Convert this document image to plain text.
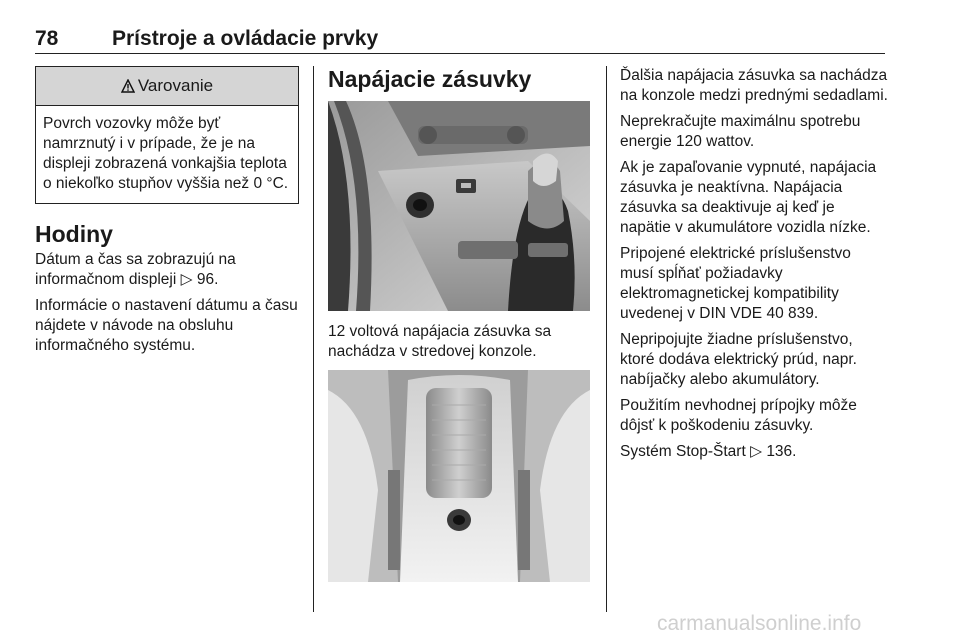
78	Prístroje a ovládacie prvky
Varovanie
Povrch vozovky môže byť namrznutý i v prípade, že je na displeji zobrazená vonkajšia teplota o niekoľko stupňov vyššia než 0 °C.
Hodiny

Dátum a čas sa zobrazujú na informačnom displeji ▷ 96.

Informácie o nastavení dátumu a času nájdete v návode na obsluhu informačného systému.

Napájacie zásuvky

12 voltová napájacia zásuvka sa nachádza v stredovej konzole.

Ďalšia napájacia zásuvka sa nachádza na konzole medzi prednými sedadlami.

Neprekračujte maximálnu spotrebu energie 120 wattov.

Ak je zapaľovanie vypnuté, napájacia zásuvka je neaktívna. Napájacia zásuvka sa deaktivuje aj keď je napätie v akumulátore vozidla nízke.

Pripojené elektrické príslušenstvo musí spĺňať požiadavky elektromagnetickej kompatibility uvedenej v DIN VDE 40 839.

Nepripojujte žiadne príslušenstvo, ktoré dodáva elektrický prúd, napr. nabíjačky alebo akumulátory.

Použitím nevhodnej prípojky môže dôjsť k poškodeniu zásuvky.

Systém Stop-Štart ▷ 136.

carmanualsonline.info
